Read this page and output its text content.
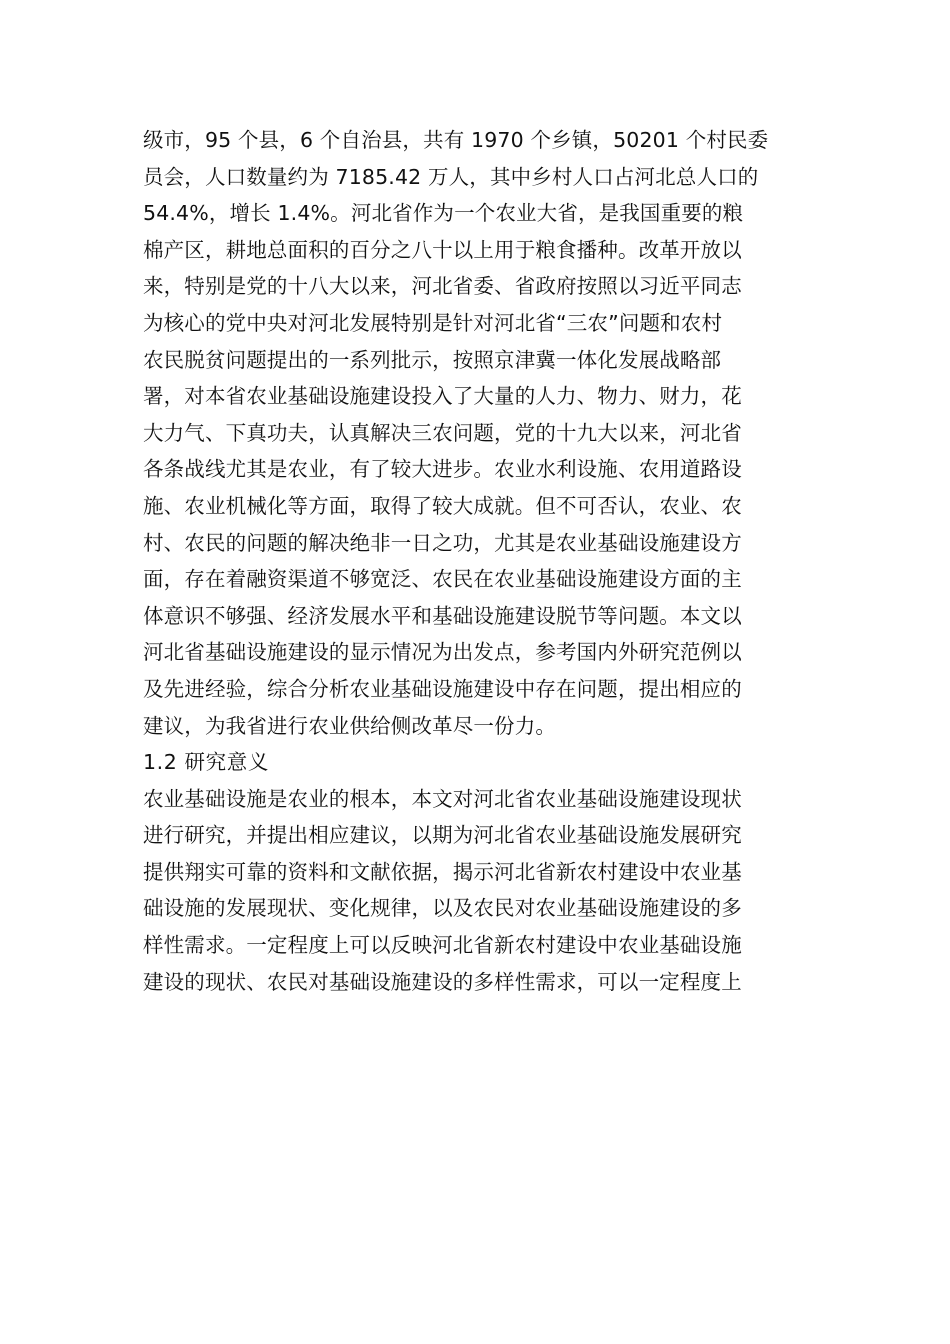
级市，95 个县，6 个自治县，共有 1970 个乡镇，50201 个村民委
员会，人口数量约为 7185.42 万人，其中乡村人口占河北总人口的
54.4%，增长 1.4%。河北省作为一个农业大省，是我国重要的粮
棉产区，耕地总面积的百分之八十以上用于粮食播种。改革开放以
来，特别是党的十八大以来，河北省委、省政府按照以习近平同志
为核心的党中央对河北发展特别是针对河北省“三农”问题和农村
农民脱贫问题提出的一系列批示，按照京津冀一体化发展战略部
署，对本省农业基础设施建设投入了大量的人力、物力、财力，花
大力气、下真功夫，认真解决三农问题，党的十九大以来，河北省
各条战线尤其是农业，有了较大进步。农业水利设施、农用道路设
施、农业机械化等方面，取得了较大成就。但不可否认，农业、农
村、农民的问题的解决绝非一日之功，尤其是农业基础设施建设方
面，存在着融资渠道不够宽泛、农民在农业基础设施建设方面的主
体意识不够强、经济发展水平和基础设施建设脱节等问题。本文以
河北省基础设施建设的显示情况为出发点，参考国内外研究范例以
及先进经验，综合分析农业基础设施建设中存在问题，提出相应的
建议，为我省进行农业供给侧改革尽一份力。
1.2 研究意义
农业基础设施是农业的根本，本文对河北省农业基础设施建设现状
进行研究，并提出相应建议，以期为河北省农业基础设施发展研究
提供翔实可靠的资料和文献依据，揭示河北省新农村建设中农业基
础设施的发展现状、变化规律，以及农民对农业基础设施建设的多
样性需求。一定程度上可以反映河北省新农村建设中农业基础设施
建设的现状、农民对基础设施建设的多样性需求，可以一定程度上
